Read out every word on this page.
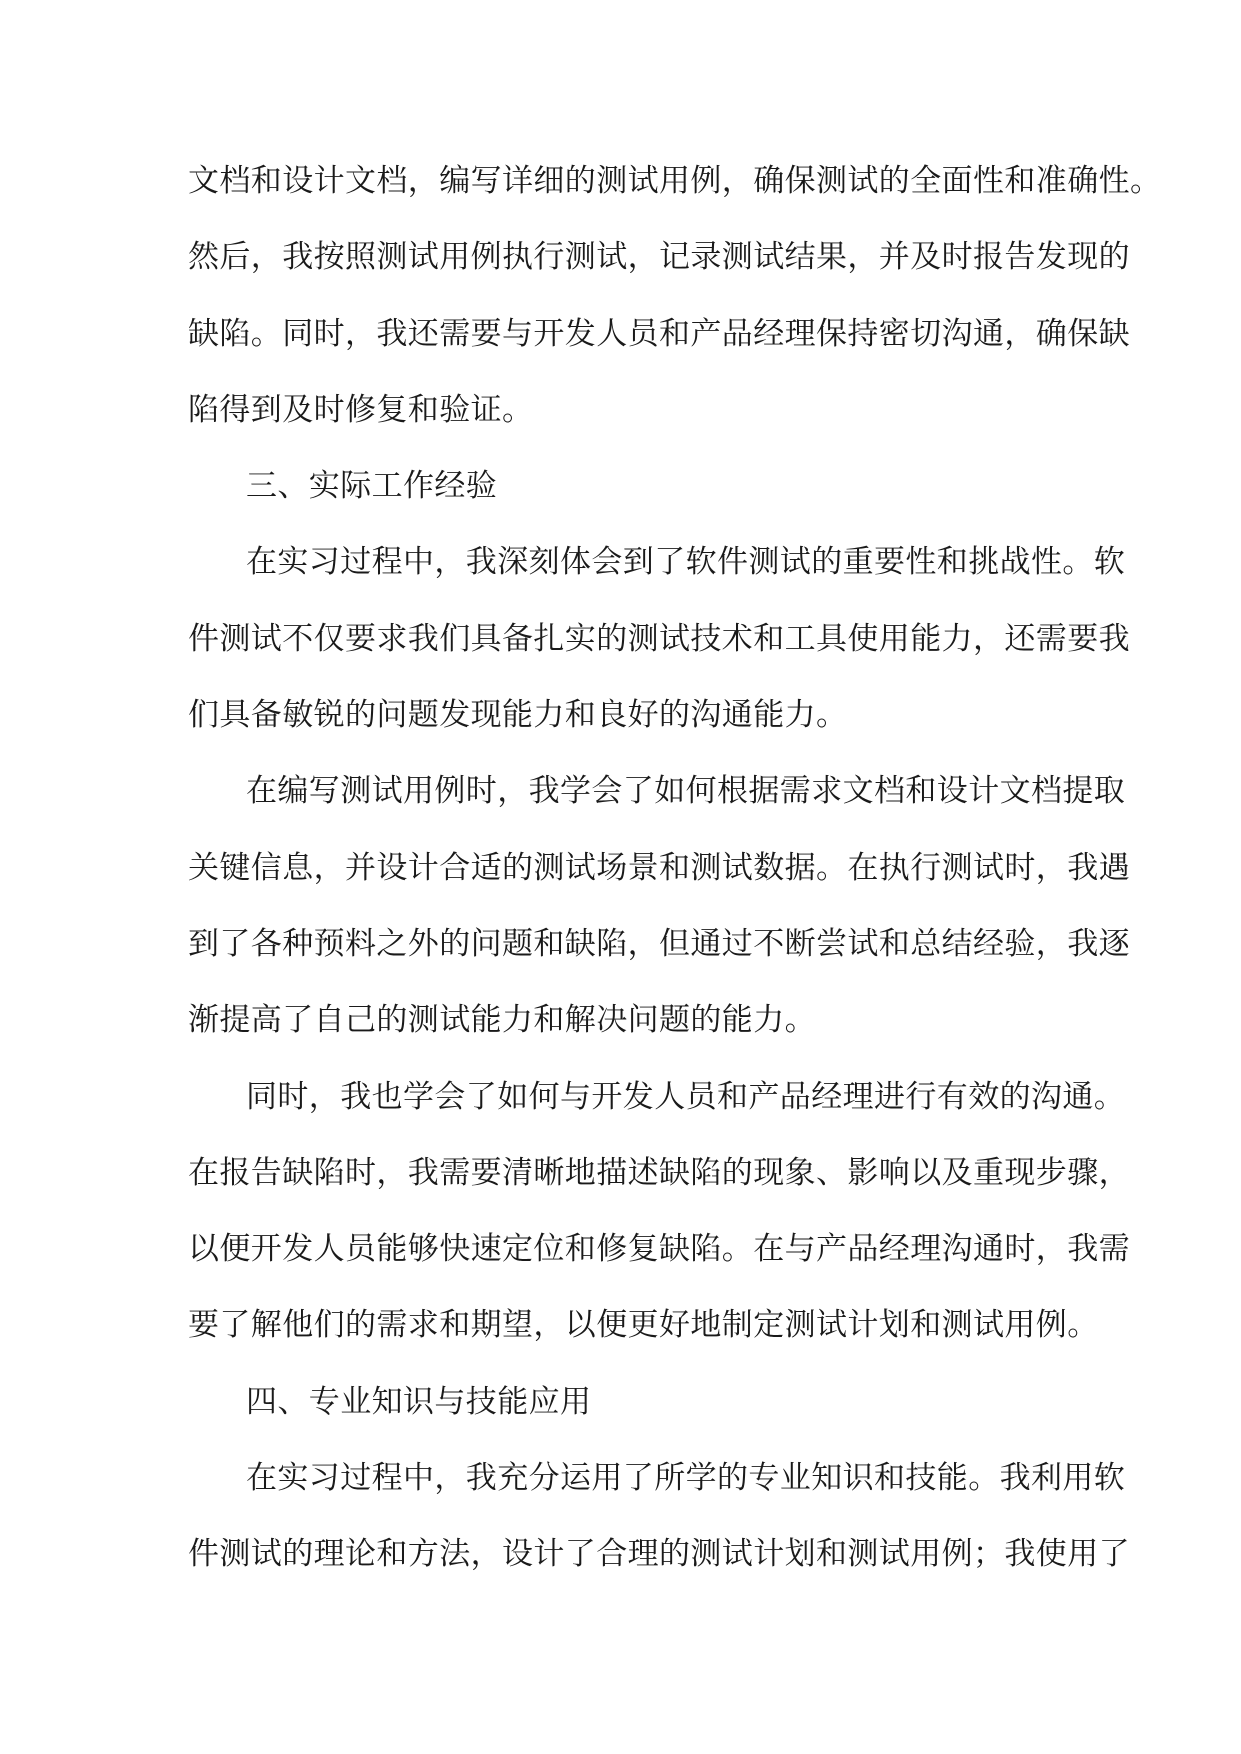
文档和设计文档，编写详细的测试用例，确保测试的全面性和准确性。
然后，我按照测试用例执行测试，记录测试结果，并及时报告发现的
缺陷。同时，我还需要与开发人员和产品经理保持密切沟通，确保缺
陷得到及时修复和验证。
三、实际工作经验
在实习过程中，我深刻体会到了软件测试的重要性和挑战性。软
件测试不仅要求我们具备扎实的测试技术和工具使用能力，还需要我
们具备敏锐的问题发现能力和良好的沟通能力。
在编写测试用例时，我学会了如何根据需求文档和设计文档提取
关键信息，并设计合适的测试场景和测试数据。在执行测试时，我遇
到了各种预料之外的问题和缺陷，但通过不断尝试和总结经验，我逐
渐提高了自己的测试能力和解决问题的能力。
同时，我也学会了如何与开发人员和产品经理进行有效的沟通。
在报告缺陷时，我需要清晰地描述缺陷的现象、影响以及重现步骤，
以便开发人员能够快速定位和修复缺陷。在与产品经理沟通时，我需
要了解他们的需求和期望，以便更好地制定测试计划和测试用例。
四、专业知识与技能应用
在实习过程中，我充分运用了所学的专业知识和技能。我利用软
件测试的理论和方法，设计了合理的测试计划和测试用例；我使用了
